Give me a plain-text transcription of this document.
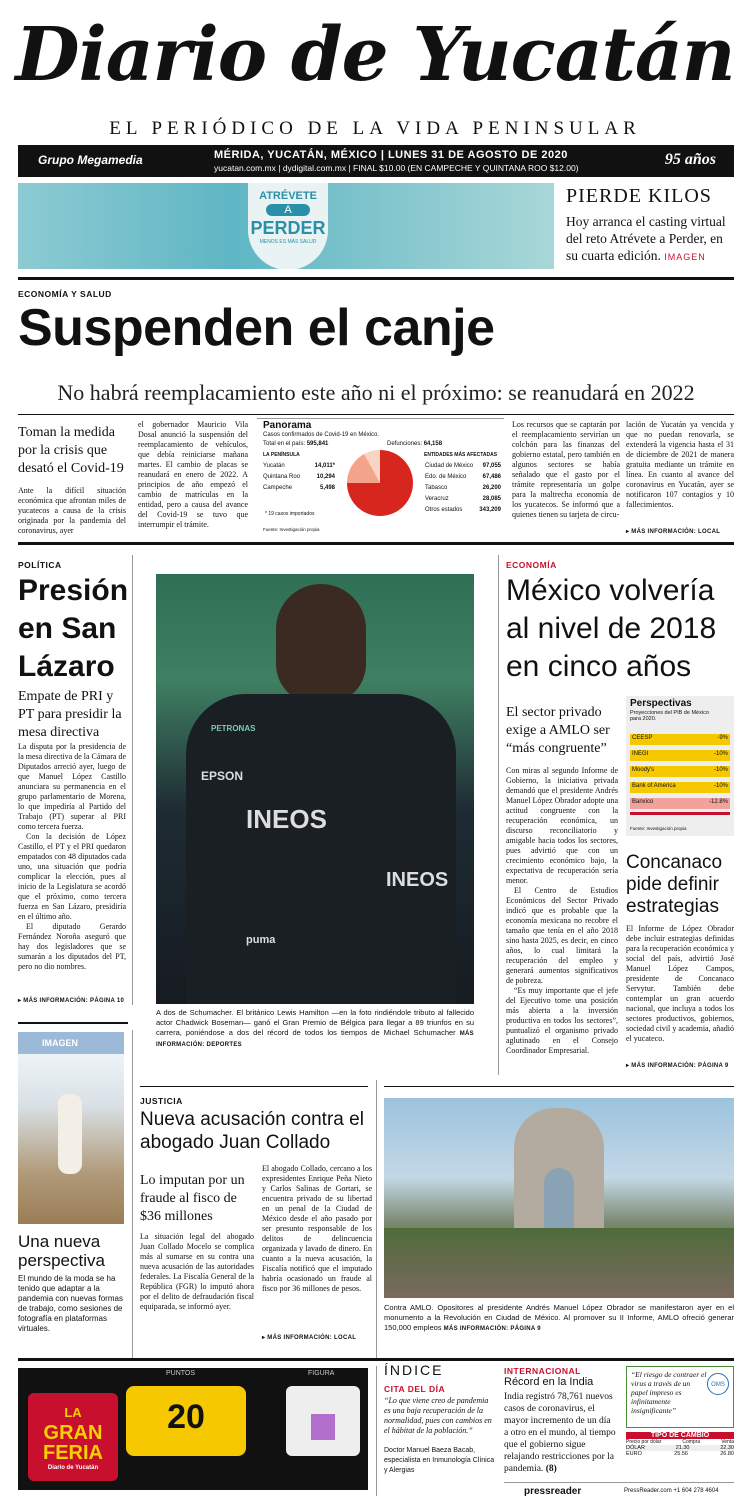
Diario de Yucatán
EL PERIÓDICO DE LA VIDA PENINSULAR
Grupo Megamedia	MÉRIDA, YUCATÁN, MÉXICO | LUNES 31 DE AGOSTO DE 2020
yucatan.com.mx | dydigital.com.mx | FINAL $10.00 (EN CAMPECHE Y QUINTANA ROO $12.00)	95 años
ATRÉVETE
A
PERDER
MENOS ES MÁS SALUD
PIERDE KILOS
Hoy arranca el casting virtual del reto Atrévete a Perder, en su cuarta edición. IMAGEN
ECONOMÍA Y SALUD
Suspenden el canje
No habrá reemplacamiento este año ni el próximo: se reanudará en 2022
Toman la medida por la crisis que desató el Covid-19
Ante la difícil situación económica que afrontan miles de yucatecos a causa de la crisis originada por la pandemia del coronavirus, ayer
el gobernador Mauricio Vila Dosal anunció la suspensión del reemplacamiento de vehículos, que debía reiniciarse mañana martes. El cambio de placas se reanudará en enero de 2022. A principios de año empezó el cambio de matrículas en la entidad, pero a causa del avance del Covid-19 se tuvo que interrumpir el trámite.
Panorama
Casos confirmados de Covid-19 en México.
Total en el país: 595,841	Defunciones: 64,158
LA PENÍNSULA
Yucatán	14,011*
Quintana Roo	10,294
Campeche	5,498
* 19 casos importados
Fuente: Investigación propia
ENTIDADES MÁS AFECTADAS
Ciudad de México 97,055
Edo. de México	67,486
Tabasco	26,200
Veracruz	28,085
Otros estados	343,209
Los recursos que se captarán por el reemplacamiento servirían un colchón para las finanzas del gobierno estatal, pero también en algunos sectores se había señalado que el gasto por el trámite representaría un golpe para la maltrecha economía de los yucatecos. Se informó que a quienes tienen su tarjeta de circu-
lación de Yucatán ya vencida y que no puedan renovarla, se extenderá la vigencia hasta el 31 de diciembre de 2021 de manera gratuita mediante un trámite en línea. En cuanto al avance del coronavirus en Yucatán, ayer se notificaron 107 contagios y 10 fallecimientos.
▸ MÁS INFORMACIÓN: LOCAL
POLÍTICA
Presión en San Lázaro
Empate de PRI y PT para presidir la mesa directiva

La disputa por la presidencia de la mesa directiva de la Cámara de Diputados arreció ayer, luego de que Manuel López Castillo anunciara su permanencia en el grupo parlamentario de Morena, lo que impediría al Partido del Trabajo (PT) superar al PRI como tercera fuerza.

Con la decisión de López Castillo, el PT y el PRI quedaron empatados con 48 diputados cada uno, una situación que podría complicar la elección, pues al inicio de la Legislatura se acordó que el próximo, como tercera fuerza en San Lázaro, presidiría en el último año.

El diputado Gerardo Fernández Noroña aseguró que hay dos legisladores que se sumarán a los diputados del PT, pero no dio nombres.

▸ MÁS INFORMACIÓN: PÁGINA 10
INEOS
INEOS
EPSON
PETRONAS
puma
A dos de Schumacher. El británico Lewis Hamilton —en la foto rindiéndole tributo al fallecido actor Chadwick Boseman— ganó el Gran Premio de Bélgica para llegar a 89 triunfos en su carrera, poniéndose a dos del récord de todos los tiempos de Michael Schumacher MÁS INFORMACIÓN: DEPORTES
ECONOMÍA
México volvería al nivel de 2018 en cinco años
El sector privado exige a AMLO ser “más congruente”

Con miras al segundo Informe de Gobierno, la iniciativa privada demandó que el presidente Andrés Manuel López Obrador adopte una actitud congruente con la recuperación económica, un discurso reconciliatorio y amigable hacia todos los sectores, pues advirtió que con un crecimiento económico bajo, la expectativa de recuperación sería menor.

El Centro de Estudios Económicos del Sector Privado indicó que es probable que la economía mexicana no recobre el tamaño que tenía en el año 2018 sino hasta 2025, es decir, en cinco años, lo cual limitará la recuperación del empleo y generará aumentos significativos de pobreza.

“Es muy importante que el jefe del Ejecutivo tome una posición más abierta a la inversión productiva en todos los sectores”, puntualizó el organismo privado aglutinado en el Consejo Coordinador Empresarial.

Perspectivas
Proyecciones del PIB de México para 2020.
CEESP	-9%
INEGI	-10%
Moody's	-10%
Bank of America	-10%
Banxico	-12.8%
Fuente: Investigación propia
Concanaco pide definir estrategias
El Informe de López Obrador debe incluir estrategias definidas para la recuperación económica y social del país, advirtió José Manuel López Campos, presidente de Concanaco Servytur. También debe contemplar un gran acuerdo nacional, que incluya a todos los sectores productivos, gobiernos, sociedad civil y academia, añadió el yucateco.
▸ MÁS INFORMACIÓN: PÁGINA 9
IMAGEN
Una nueva perspectiva
El mundo de la moda se ha tenido que adaptar a la pandemia con nuevas formas de trabajo, como sesiones de fotografía en plataformas virtuales.
JUSTICIA
Nueva acusación contra el abogado Juan Collado
Lo imputan por un fraude al fisco de $36 millones
La situación legal del abogado Juan Collado Mocelo se complica más al sumarse en su contra una nueva acusación de las autoridades federales. La Fiscalía General de la República (FGR) lo imputó ahora por el delito de defraudación fiscal equiparada, se informó ayer.
El abogado Collado, cercano a los expresidentes Enrique Peña Nieto y Carlos Salinas de Gortari, se encuentra privado de su libertad en un penal de la Ciudad de México desde el año pasado por ser presunto responsable de los delitos de delincuencia organizada y lavado de dinero. En cuanto a la nueva acusación, la Fiscalía notificó que el imputado habría ocasionado un fraude al fisco por 36 millones de pesos.
▸ MÁS INFORMACIÓN: LOCAL
Contra AMLO. Opositores al presidente Andrés Manuel López Obrador se manifestaron ayer en el monumento a la Revolución en Ciudad de México. Al promover su II Informe, AMLO ofreció generar 150,000 empleos MÁS INFORMACIÓN: PÁGINA 9
LA
GRAN
FERIA
Diario de Yucatán
PUNTOS
20
FIGURA	ÍNDICE
CITA DEL DÍA
“Lo que viene creo de pandemia es una baja recuperación de la normalidad, pues con cambios en el hábitat de la población.”
Doctor Manuel Baeza Bacab, especialista en Inmunología Clínica y Alergias
INTERNACIONAL
Récord en la India
India registró 78,761 nuevos casos de coronavirus, el mayor incremento de un día a otro en el mundo, al tiempo que el gobierno sigue relajando restricciones por la pandemia. (8)
“El riesgo de contraer el virus a través de un papel impreso es infinitamente insignificante”
OMS
TIPO DE CAMBIO
Precio por dólar	Compra	Venta
DÓLAR	21.30	22.30
EURO	25.56	26.80
pressreader	PressReader.com +1 604 278 4604
